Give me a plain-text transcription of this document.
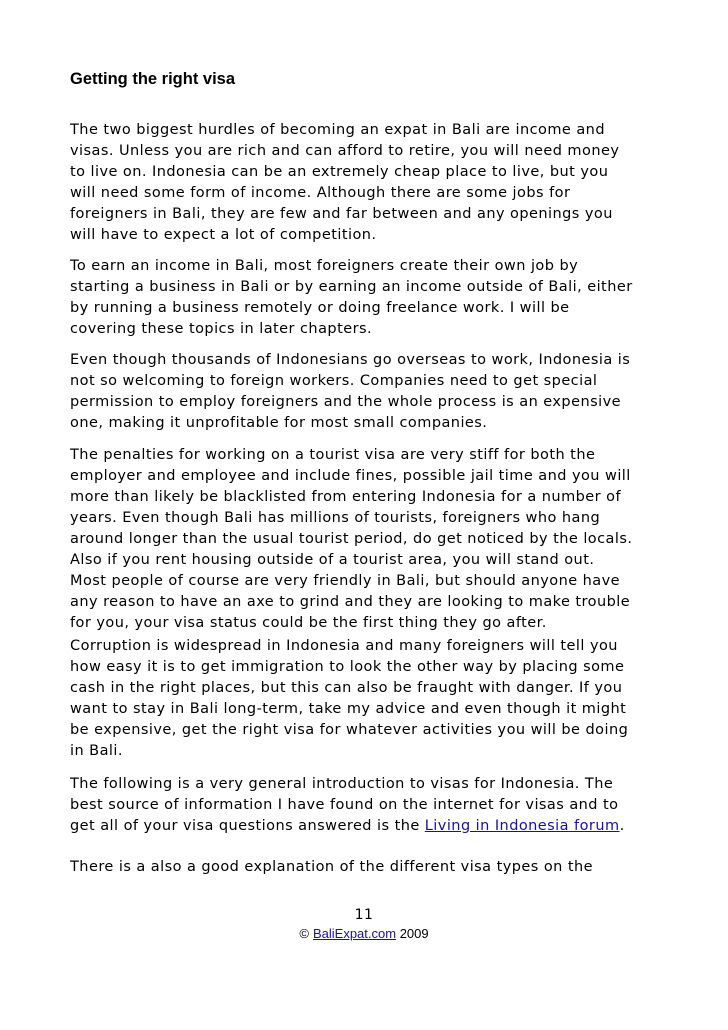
Getting the right visa

The two biggest hurdles of becoming an expat in Bali are income and
visas. Unless you are rich and can afford to retire, you will need money
to live on. Indonesia can be an extremely cheap place to live, but you
will need some form of income. Although there are some jobs for
foreigners in Bali, they are few and far between and any openings you
will have to expect a lot of competition.

To earn an income in Bali, most foreigners create their own job by
starting a business in Bali or by earning an income outside of Bali, either
by running a business remotely or doing freelance work. I will be
covering these topics in later chapters.

Even though thousands of Indonesians go overseas to work, Indonesia is
not so welcoming to foreign workers. Companies need to get special
permission to employ foreigners and the whole process is an expensive
one, making it unprofitable for most small companies.

The penalties for working on a tourist visa are very stiff for both the
employer and employee and include fines, possible jail time and you will
more than likely be blacklisted from entering Indonesia for a number of
years. Even though Bali has millions of tourists, foreigners who hang
around longer than the usual tourist period, do get noticed by the locals.
Also if you rent housing outside of a tourist area, you will stand out.
Most people of course are very friendly in Bali, but should anyone have
any reason to have an axe to grind and they are looking to make trouble
for you, your visa status could be the first thing they go after.

Corruption is widespread in Indonesia and many foreigners will tell you
how easy it is to get immigration to look the other way by placing some
cash in the right places, but this can also be fraught with danger. If you
want to stay in Bali long-term, take my advice and even though it might
be expensive, get the right visa for whatever activities you will be doing
in Bali.

The following is a very general introduction to visas for Indonesia. The
best source of information I have found on the internet for visas and to
get all of your visa questions answered is the Living in Indonesia forum.

There is a also a good explanation of the different visa types on the

11
© BaliExpat.com 2009
